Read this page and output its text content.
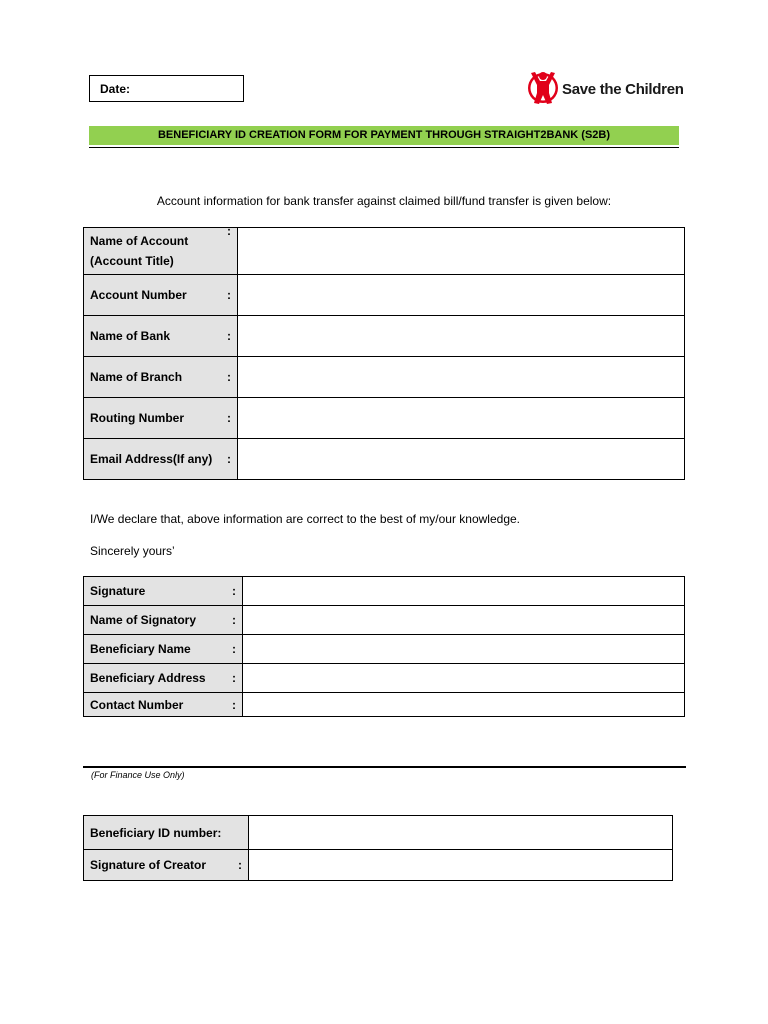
Date:	Save the Children
BENEFICIARY ID CREATION FORM FOR PAYMENT THROUGH STRAIGHT2BANK (S2B)
Account information for bank transfer against claimed bill/fund transfer is given below:
Name of Account
(Account Title)
:	

Account Number :	

Name of Bank :	

Name of Branch :	

Routing Number :	

Email Address(If any) :	

I/We declare that, above information are correct to the best of my/our knowledge.
Sincerely yours’
Signature :	

Name of Signatory :	

Beneficiary Name :	

Beneficiary Address :	

Contact Number :	

(For Finance Use Only)
Beneficiary ID number:	

Signature of Creator :	
